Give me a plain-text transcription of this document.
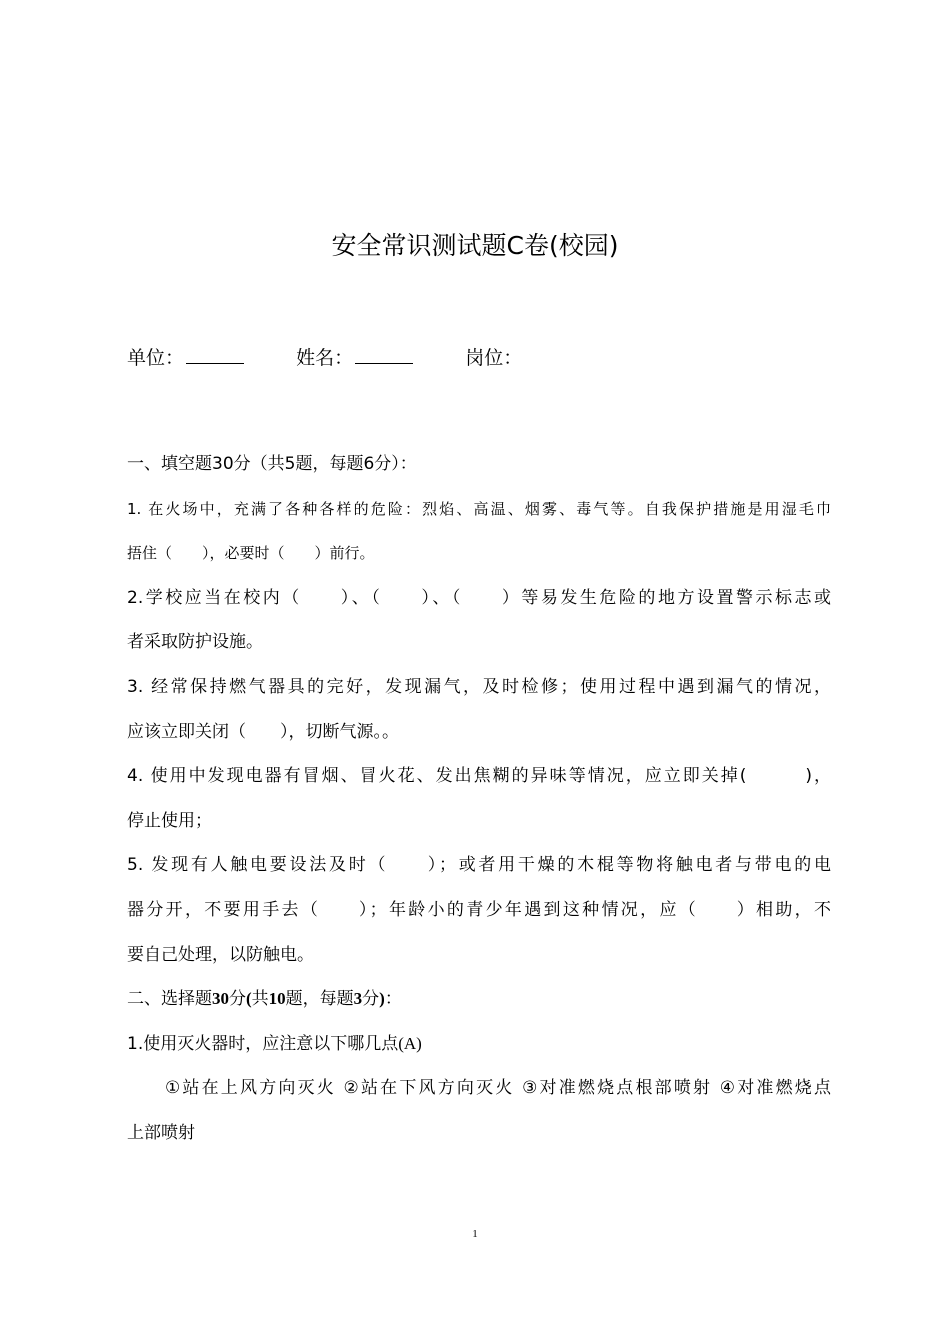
安全常识测试题C卷(校园)
单位：	姓名：	岗位：
一、填空题30分（共5题，每题6分）：
1. 在火场中，充满了各种各样的危险：烈焰、高温、烟雾、毒气等。自我保护措施是用湿毛巾
捂住（　　），必要时（　　）前行。
2.学校应当在校内（　　）、（　　）、（　　）等易发生危险的地方设置警示标志或
者采取防护设施。
3. 经常保持燃气器具的完好，发现漏气，及时检修；使用过程中遇到漏气的情况，
应该立即关闭（　　），切断气源。。
4. 使用中发现电器有冒烟、冒火花、发出焦糊的异味等情况，应立即关掉(　　　)，
停止使用；
5. 发现有人触电要设法及时（　　）；或者用干燥的木棍等物将触电者与带电的电
器分开，不要用手去（　　）；年龄小的青少年遇到这种情况，应（　　）相助，不
要自己处理，以防触电。
二、选择题30分(共10题，每题3分)：
1.使用灭火器时，应注意以下哪几点(A)
①站在上风方向灭火 ②站在下风方向灭火 ③对准燃烧点根部喷射 ④对准燃烧点
上部喷射
1
